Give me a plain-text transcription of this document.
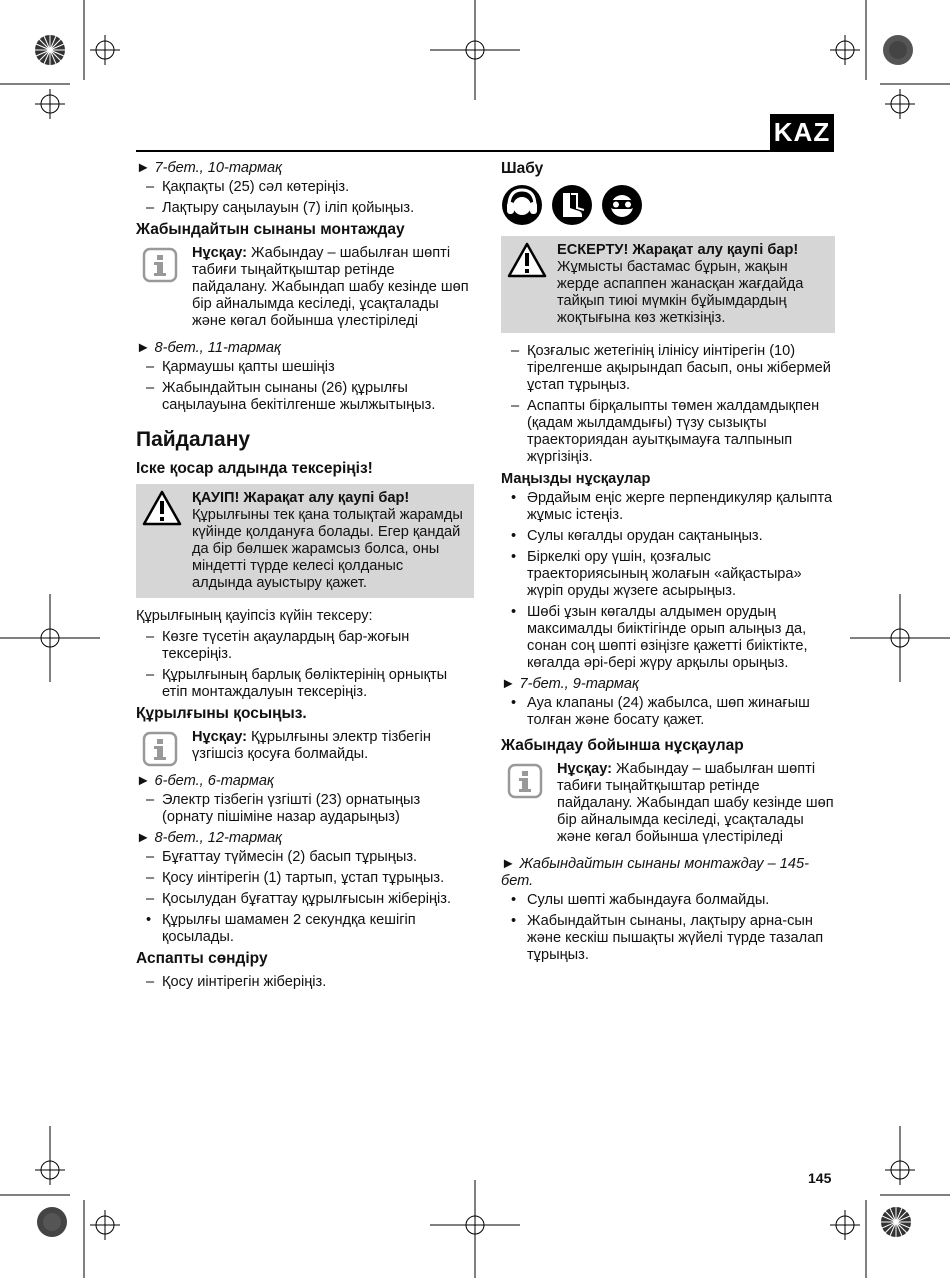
KAZ

► 7-бет., 10-тармақ

– Қақпақты (25) сәл көтеріңіз.

– Лақтыру саңылауын (7) іліп қойыңыз.

Жабындайтын сынаны монтаждау

Нұсқау: Жабындау – шабылған шөпті табиғи тыңайтқыштар ретінде пайдалану. Жабындап шабу кезінде шөп бір айналымда кесіледі, ұсақталады және көгал бойынша үлестіріледі

► 8-бет., 11-тармақ

– Қармаушы қапты шешіңіз

– Жабындайтын сынаны (26) құрылғы саңылауына бекітілгенше жылжытыңыз.

Пайдалану
Іске қосар алдында тексеріңіз!

ҚАУІП! Жарақат алу қаупі бар! Құрылғыны тек қана толықтай жарамды күйінде қолдануға болады. Егер қандай да бір бөлшек жарамсыз болса, оны міндетті түрде келесі қолданыс алдында ауыстыру қажет.

Құрылғының қауіпсіз күйін тексеру:

– Көзге түсетін ақаулардың бар-жоғын тексеріңіз.

– Құрылғының барлық бөліктерінің орнықты етіп монтаждалуын тексеріңіз.

Құрылғыны қосыңыз.

Нұсқау: Құрылғыны электр тізбегін үзгішсіз қосуға болмайды.

► 6-бет., 6-тармақ

– Электр тізбегін үзгішті (23) орнатыңыз (орнату пішіміне назар аударыңыз)

► 8-бет., 12-тармақ

– Бұғаттау түймесін (2) басып тұрыңыз.

– Қосу иінтірегін (1) тартып, ұстап тұрыңыз.

– Қосылудан бұғаттау құрылғысын жіберіңіз.

• Құрылғы шамамен 2 секундқа кешігіп қосылады.

Аспапты сөндіру

– Қосу иінтірегін жіберіңіз.

Шабу

ЕСКЕРТУ! Жарақат алу қаупі бар! Жұмысты бастамас бұрын, жақын жерде аспаппен жанасқан жағдайда тайқып тиюі мүмкін бұйымдардың жоқтығына көз жеткізіңіз.

– Қозғалыс жетегінің ілінісу иінтірегін (10) тірелгенше ақырындап басып, оны жібермей ұстап тұрыңыз.

– Аспапты бірқалыпты төмен жалдамдықпен (қадам жылдамдығы) түзу сызықты траекториядан ауытқымауға талпынып жүргізіңіз.

Маңызды нұсқаулар

• Әрдайым еңіс жерге перпендикуляр қалыпта жұмыс істеңіз.

• Сулы көгалды орудан сақтаныңыз.

• Біркелкі ору үшін, қозғалыс траекториясының жолағын «айқастыра» жүріп оруды жүзеге асырыңыз.

• Шөбі ұзын көгалды алдымен орудың максималды биіктігінде орып алыңыз да, сонан соң шөпті өзіңізге қажетті биіктікте, көгалда әрі-бері жүру арқылы орыңыз.

► 7-бет., 9-тармақ

• Ауа клапаны (24) жабылса, шөп жинағыш толған және босату қажет.

Жабындау бойынша нұсқаулар

Нұсқау: Жабындау – шабылған шөпті табиғи тыңайтқыштар ретінде пайдалану. Жабындап шабу кезінде шөп бір айналымда кесіледі, ұсақталады және көгал бойынша үлестіріледі

► Жабындайтын сынаны монтаждау – 145-бет.

• Сулы шөпті жабындауға болмайды.

• Жабындайтын сынаны, лақтыру арна-сын және кескіш пышақты жүйелі түрде тазалап тұрыңыз.

145
